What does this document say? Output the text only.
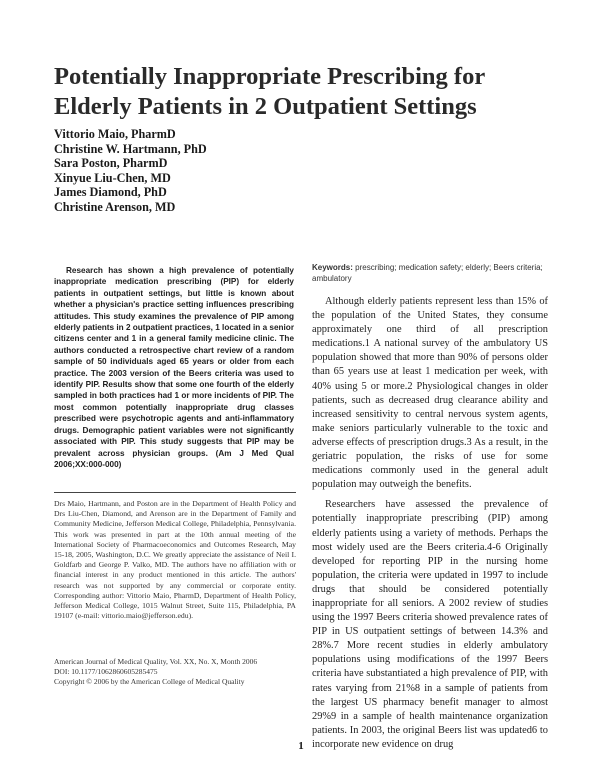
Potentially Inappropriate Prescribing for Elderly Patients in 2 Outpatient Settings
Vittorio Maio, PharmD
Christine W. Hartmann, PhD
Sara Poston, PharmD
Xinyue Liu-Chen, MD
James Diamond, PhD
Christine Arenson, MD

Research has shown a high prevalence of potentially inappropriate medication prescribing (PIP) for elderly patients in outpatient settings, but little is known about whether a physician's practice setting influences prescribing attitudes. This study examines the prevalence of PIP among elderly patients in 2 outpatient practices, 1 located in a senior citizens center and 1 in a general family medicine clinic. The authors conducted a retrospective chart review of a random sample of 50 individuals aged 65 years or older from each practice. The 2003 version of the Beers criteria was used to identify PIP. Results show that some one fourth of the elderly sampled in both practices had 1 or more incidents of PIP. The most common potentially inappropriate drug classes prescribed were psychotropic agents and anti-inflammatory drugs. Demographic patient variables were not significantly associated with PIP. This study suggests that PIP may be prevalent across physician groups. (Am J Med Qual 2006;XX:000-000)

Drs Maio, Hartmann, and Poston are in the Department of Health Policy and Drs Liu-Chen, Diamond, and Arenson are in the Department of Family and Community Medicine, Jefferson Medical College, Philadelphia, Pennsylvania. This work was presented in part at the 10th annual meeting of the International Society of Pharmacoeconomics and Outcomes Research, May 15-18, 2005, Washington, D.C. We greatly appreciate the assistance of Neil I. Goldfarb and George P. Valko, MD. The authors have no affiliation with or financial interest in any product mentioned in this article. The authors' research was not supported by any commercial or corporate entity. Corresponding author: Vittorio Maio, PharmD, Department of Health Policy, Jefferson Medical College, 1015 Walnut Street, Suite 115, Philadelphia, PA 19107 (e-mail: vittorio.maio@jefferson.edu).

American Journal of Medical Quality, Vol. XX, No. X, Month 2006
DOI: 10.1177/1062860605285475
Copyright © 2006 by the American College of Medical Quality
Keywords: prescribing; medication safety; elderly; Beers criteria; ambulatory

Although elderly patients represent less than 15% of the population of the United States, they consume approximately one third of all prescription medications.1 A national survey of the ambulatory US population showed that more than 90% of persons older than 65 years use at least 1 medication per week, with 40% using 5 or more.2 Physiological changes in older patients, such as decreased drug clearance ability and increased sensitivity to central nervous system agents, make seniors particularly vulnerable to the toxic and adverse effects of prescription drugs.3 As a result, in the geriatric population, the risks of use for some medications commonly used in the general adult population may outweigh the benefits.

Researchers have assessed the prevalence of potentially inappropriate prescribing (PIP) among elderly patients using a variety of methods. Perhaps the most widely used are the Beers criteria.4-6 Originally developed for reporting PIP in the nursing home population, the criteria were updated in 1997 to include drugs that should be considered potentially inappropriate for all seniors. A 2002 review of studies using the 1997 Beers criteria showed prevalence rates of PIP in US outpatient settings of between 14.3% and 28%.7 More recent studies in elderly ambulatory populations using modifications of the 1997 Beers criteria have substantiated a high prevalence of PIP, with rates varying from 21%8 in a sample of patients from the largest US pharmacy benefit manager to almost 29%9 in a sample of health maintenance organization patients. In 2003, the original Beers list was updated6 to incorporate new evidence on drug

1
